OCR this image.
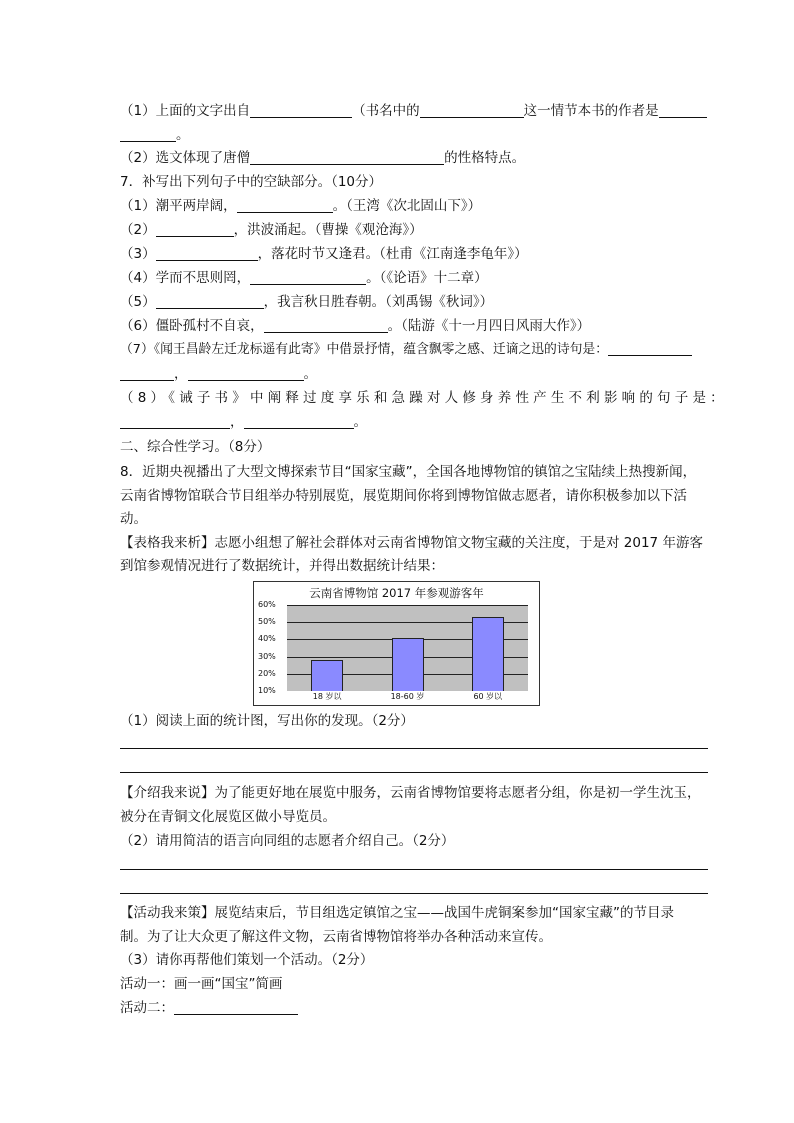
（1）上面的文字出自	（书名中的	这一情节本书的作者是
。
（2）选文体现了唐僧	的性格特点。
7．补写出下列句子中的空缺部分。（10分）
（1）潮平两岸阔，	。（王湾《次北固山下》）
（2）	，洪波涌起。（曹操《观沧海》）
（3）	，落花时节又逢君。（杜甫《江南逢李龟年》）
（4）学而不思则罔，	。（《论语》十二章）
（5）	，我言秋日胜春朝。（刘禹锡《秋词》）
（6）僵卧孤村不自哀，	。（陆游《十一月四日风雨大作》）
（7）《闻王昌龄左迁龙标遥有此寄》中借景抒情，蕴含飘零之感、迁谪之迅的诗句是：
，	。
（8）《诫子书》中阐释过度享乐和急躁对人修身养性产生不利影响的句子是：
，	。
二、综合性学习。（8分）
8．近期央视播出了大型文博探索节目“国家宝藏”，全国各地博物馆的镇馆之宝陆续上热搜新闻，
云南省博物馆联合节目组举办特别展览，展览期间你将到博物馆做志愿者，请你积极参加以下活
动。
【表格我来析】志愿小组想了解社会群体对云南省博物馆文物宝藏的关注度，于是对 2017 年游客
到馆参观情况进行了数据统计，并得出数据统计结果：
云南省博物馆 2017 年参观游客年
60%
50%
40%
30%
20%
10%
18 岁以	18-60 岁	60 岁以
（1）阅读上面的统计图，写出你的发现。（2分）
【介绍我来说】为了能更好地在展览中服务，云南省博物馆要将志愿者分组，你是初一学生沈玉，
被分在青铜文化展览区做小导览员。
（2）请用简洁的语言向同组的志愿者介绍自己。（2分）
【活动我来策】展览结束后，节目组选定镇馆之宝——战国牛虎铜案参加“国家宝藏”的节目录
制。为了让大众更了解这件文物，云南省博物馆将举办各种活动来宣传。
（3）请你再帮他们策划一个活动。（2分）
活动一：画一画“国宝”简画
活动二：
